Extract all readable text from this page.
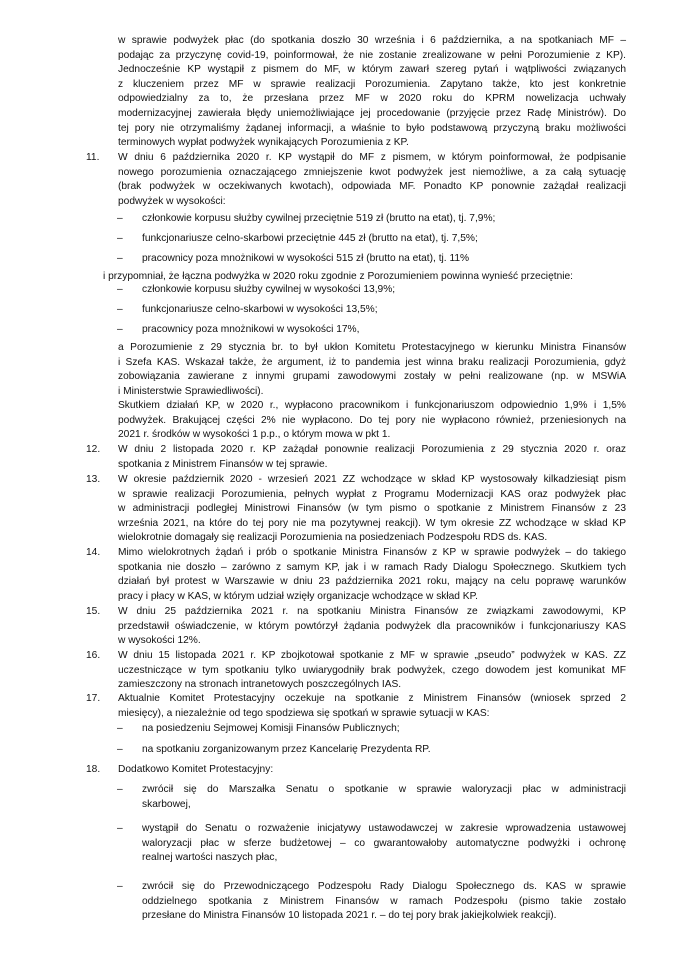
w sprawie podwyżek płac (do spotkania doszło 30 września i 6 października, a na spotkaniach MF –
podając za przyczynę covid-19, poinformował, że nie zostanie zrealizowane w pełni Porozumienie z KP).
Jednocześnie KP wystąpił z pismem do MF, w którym zawarł szereg pytań i wątpliwości związanych
z kluczeniem przez MF w sprawie realizacji Porozumienia. Zapytano także, kto jest konkretnie
odpowiedzialny za to, że przesłana przez MF w 2020 roku do KPRM nowelizacja uchwały
modernizacyjnej zawierała błędy uniemożliwiające jej procedowanie (przyjęcie przez Radę Ministrów). Do
tej pory nie otrzymaliśmy żądanej informacji, a właśnie to było podstawową przyczyną braku możliwości
terminowych wypłat podwyżek wynikających Porozumienia z KP.
11.	W dniu 6 października 2020 r. KP wystąpił do MF z pismem, w którym poinformował, że podpisanie
nowego porozumienia oznaczającego zmniejszenie kwot podwyżek jest niemożliwe, a za całą sytuację
(brak podwyżek w oczekiwanych kwotach), odpowiada MF. Ponadto KP ponownie zażądał realizacji
podwyżek w wysokości:
–	członkowie korpusu służby cywilnej przeciętnie 519 zł (brutto na etat), tj. 7,9%;
–	funkcjonariusze celno-skarbowi przeciętnie 445 zł (brutto na etat), tj. 7,5%;
–	pracownicy poza mnożnikowi w wysokości 515 zł (brutto na etat), tj. 11%
i przypomniał, że łączna podwyżka w 2020 roku zgodnie z Porozumieniem powinna wynieść przeciętnie:
–	członkowie korpusu służby cywilnej w wysokości 13,9%;
–	funkcjonariusze celno-skarbowi w wysokości 13,5%;
–	pracownicy poza mnożnikowi w wysokości 17%,
a Porozumienie z 29 stycznia br. to był ukłon Komitetu Protestacyjnego w kierunku Ministra Finansów
i Szefa KAS. Wskazał także, że argument, iż to pandemia jest winna braku realizacji Porozumienia, gdyż
zobowiązania zawierane z innymi grupami zawodowymi zostały w pełni realizowane (np. w MSWiA
i Ministerstwie Sprawiedliwości).
Skutkiem działań KP, w 2020 r., wypłacono pracownikom i funkcjonariuszom odpowiednio 1,9% i 1,5%
podwyżek. Brakującej części 2% nie wypłacono. Do tej pory nie wypłacono również, przeniesionych na
2021 r. środków w wysokości 1 p.p., o którym mowa w pkt 1.
12.	W dniu 2 listopada 2020 r. KP zażądał ponownie realizacji Porozumienia z 29 stycznia 2020 r. oraz
spotkania z Ministrem Finansów w tej sprawie.
13.	W okresie październik 2020 - wrzesień 2021 ZZ wchodzące w skład KP wystosowały kilkadziesiąt pism
w sprawie realizacji Porozumienia, pełnych wypłat z Programu Modernizacji KAS oraz podwyżek płac
w administracji podległej Ministrowi Finansów (w tym pismo o spotkanie z Ministrem Finansów z 23
września 2021, na które do tej pory nie ma pozytywnej reakcji). W tym okresie ZZ wchodzące w skład KP
wielokrotnie domagały się realizacji Porozumienia na posiedzeniach Podzespołu RDS ds. KAS.
14.	Mimo wielokrotnych żądań i prób o spotkanie Ministra Finansów z KP w sprawie podwyżek – do takiego
spotkania nie doszło – zarówno z samym KP, jak i w ramach Rady Dialogu Społecznego. Skutkiem tych
działań był protest w Warszawie w dniu 23 października 2021 roku, mający na celu poprawę warunków
pracy i płacy w KAS, w którym udział wzięły organizacje wchodzące w skład KP.
15.	W dniu 25 października 2021 r. na spotkaniu Ministra Finansów ze związkami zawodowymi, KP
przedstawił oświadczenie, w którym powtórzył żądania podwyżek dla pracowników i funkcjonariuszy KAS
w wysokości 12%.
16.	W dniu 15 listopada 2021 r. KP zbojkotował spotkanie z MF w sprawie „pseudo” podwyżek w KAS. ZZ
uczestniczące w tym spotkaniu tylko uwiarygodniły brak podwyżek, czego dowodem jest komunikat MF
zamieszczony na stronach intranetowych poszczególnych IAS.
17.	Aktualnie Komitet Protestacyjny oczekuje na spotkanie z Ministrem Finansów (wniosek sprzed 2
miesięcy), a niezależnie od tego spodziewa się spotkań w sprawie sytuacji w KAS:
–	na posiedzeniu Sejmowej Komisji Finansów Publicznych;
–	na spotkaniu zorganizowanym przez Kancelarię Prezydenta RP.
18.	Dodatkowo Komitet Protestacyjny:
–	zwrócił się do Marszałka Senatu o spotkanie w sprawie waloryzacji płac w administracji
skarbowej,
–	wystąpił do Senatu o rozważenie inicjatywy ustawodawczej w zakresie wprowadzenia ustawowej
waloryzacji płac w sferze budżetowej – co gwarantowałoby automatyczne podwyżki i ochronę
realnej wartości naszych płac,
–	zwrócił się do Przewodniczącego Podzespołu Rady Dialogu Społecznego ds. KAS w sprawie
oddzielnego spotkania z Ministrem Finansów w ramach Podzespołu (pismo takie zostało
przesłane do Ministra Finansów 10 listopada 2021 r. – do tej pory brak jakiejkolwiek reakcji).
